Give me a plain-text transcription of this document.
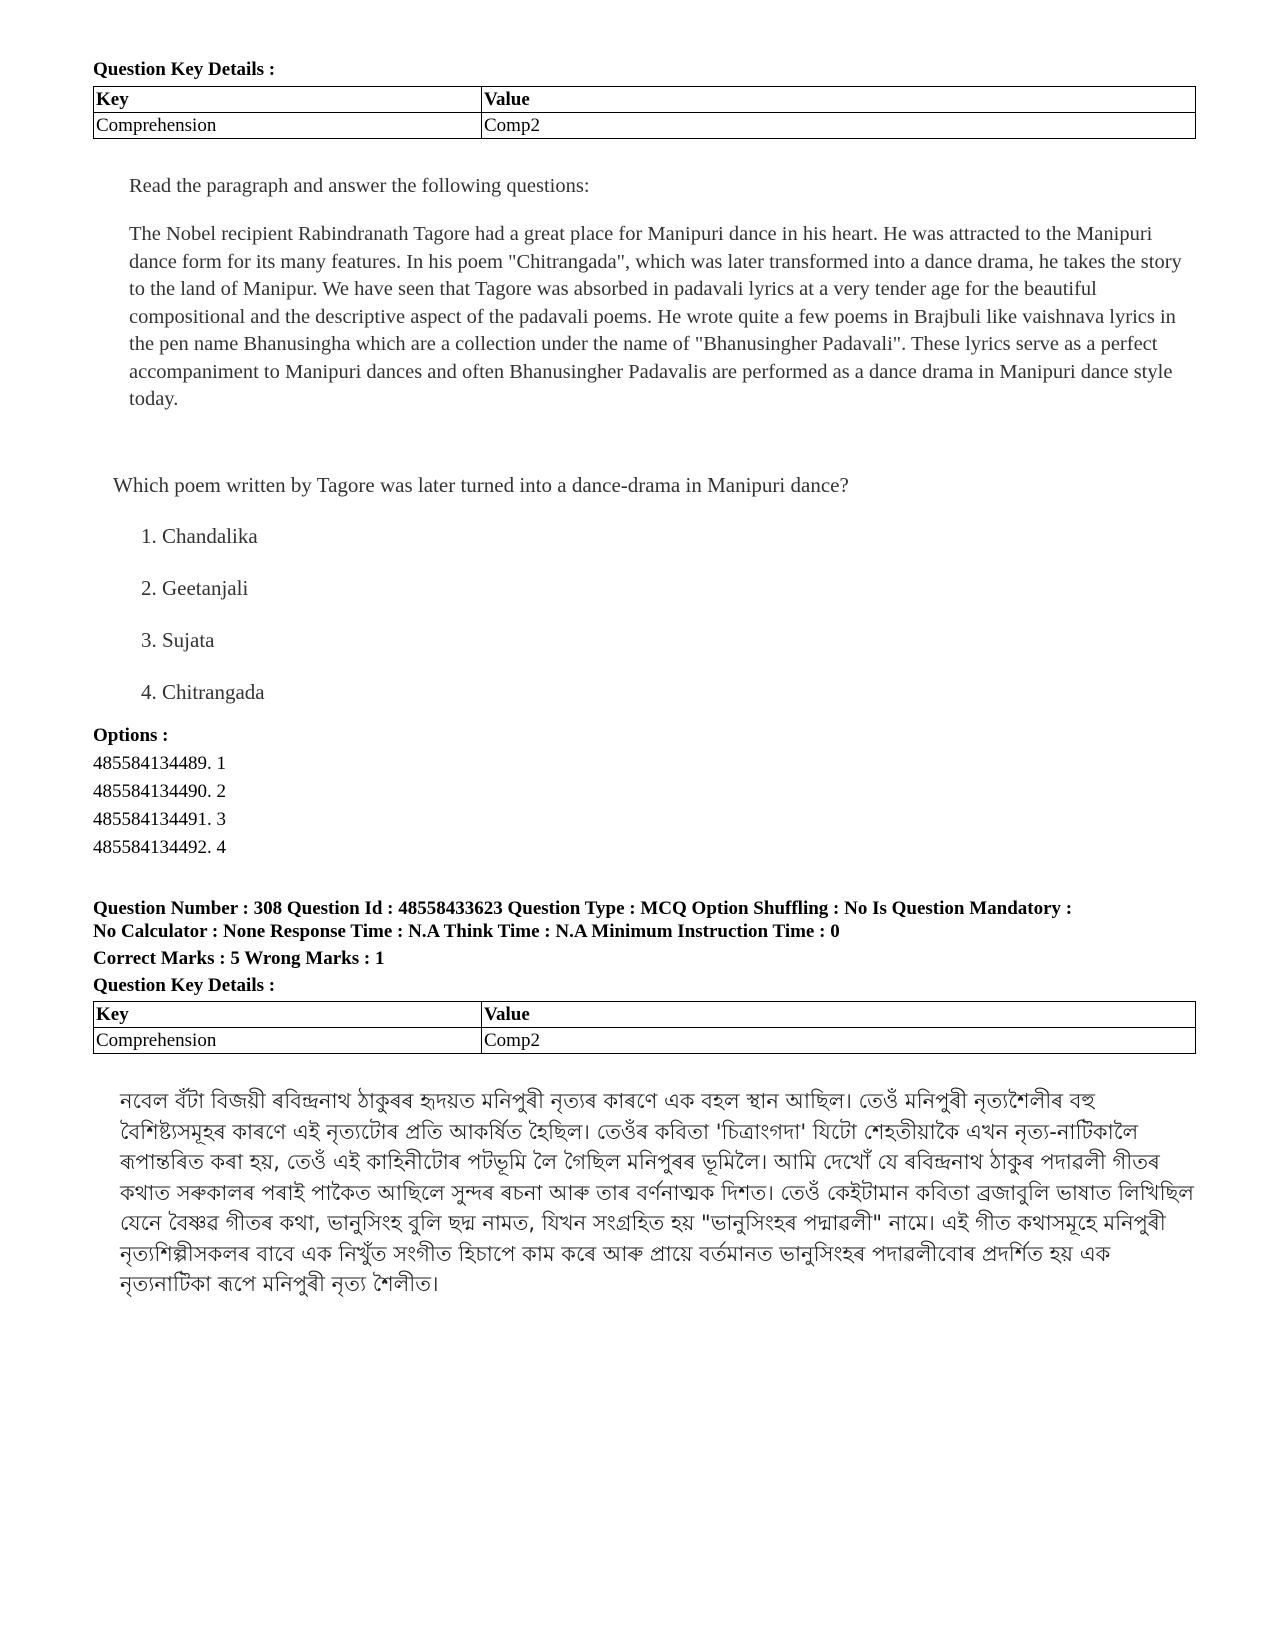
Question Key Details :
Key	Value
Comprehension	Comp2
Read the paragraph and answer the following questions:
The Nobel recipient Rabindranath Tagore had a great place for Manipuri dance in his heart. He was attracted to the Manipuri dance form for its many features. In his poem "Chitrangada", which was later transformed into a dance drama, he takes the story to the land of Manipur. We have seen that Tagore was absorbed in padavali lyrics at a very tender age for the beautiful compositional and the descriptive aspect of the padavali poems. He wrote quite a few poems in Brajbuli like vaishnava lyrics in the pen name Bhanusingha which are a collection under the name of "Bhanusingher Padavali". These lyrics serve as a perfect accompaniment to Manipuri dances and often Bhanusingher Padavalis are performed as a dance drama in Manipuri dance style today.
Which poem written by Tagore was later turned into a dance-drama in Manipuri dance?
1. Chandalika
2. Geetanjali
3. Sujata
4. Chitrangada
Options :
485584134489. 1
485584134490. 2
485584134491. 3
485584134492. 4
Question Number : 308 Question Id : 48558433623 Question Type : MCQ Option Shuffling : No Is Question Mandatory :
No Calculator : None Response Time : N.A Think Time : N.A Minimum Instruction Time : 0
Correct Marks : 5 Wrong Marks : 1
Question Key Details :
Key	Value
Comprehension	Comp2
নবেল বঁটা বিজয়ী ৰবিন্দ্ৰনাথ ঠাকুৰৰ হৃদয়ত মনিপুৰী নৃত্যৰ কাৰণে এক বহল স্থান আছিল। তেওঁ মনিপুৰী নৃত্যশৈলীৰ বহু বৈশিষ্ট্যসমূহৰ কাৰণে এই নৃত্যটোৰ প্ৰতি আকৰ্ষিত হৈছিল। তেওঁৰ কবিতা 'চিত্ৰাংগদা' যিটো শেহতীয়াকৈ এখন নৃত্য-নাটিকালৈ ৰূপান্তৰিত কৰা হয়, তেওঁ এই কাহিনীটোৰ পটভূমি লৈ গৈছিল মনিপুৰৰ ভূমিলৈ। আমি দেখোঁ যে ৰবিন্দ্ৰনাথ ঠাকুৰ পদাৱলী গীতৰ কথাত সৰুকালৰ পৰাই পাকৈত আছিলে সুন্দৰ ৰচনা আৰু তাৰ বৰ্ণনাত্মক দিশত। তেওঁ কেইটামান কবিতা ব্ৰজাবুলি ভাষাত লিখিছিল যেনে বৈষ্ণৱ গীতৰ কথা, ভানুসিংহ বুলি ছদ্ম নামত, যিখন সংগ্ৰহিত হয় "ভানুসিংহৰ পদ্মাৱলী" নামে। এই গীত কথাসমূহে মনিপুৰী নৃত্যশিল্পীসকলৰ বাবে এক নিখুঁত সংগীত হিচাপে কাম কৰে আৰু প্ৰায়ে বৰ্তমানত ভানুসিংহৰ পদাৱলীবোৰ প্ৰদৰ্শিত হয় এক নৃত্যনাটিকা ৰূপে মনিপুৰী নৃত্য শৈলীত।
